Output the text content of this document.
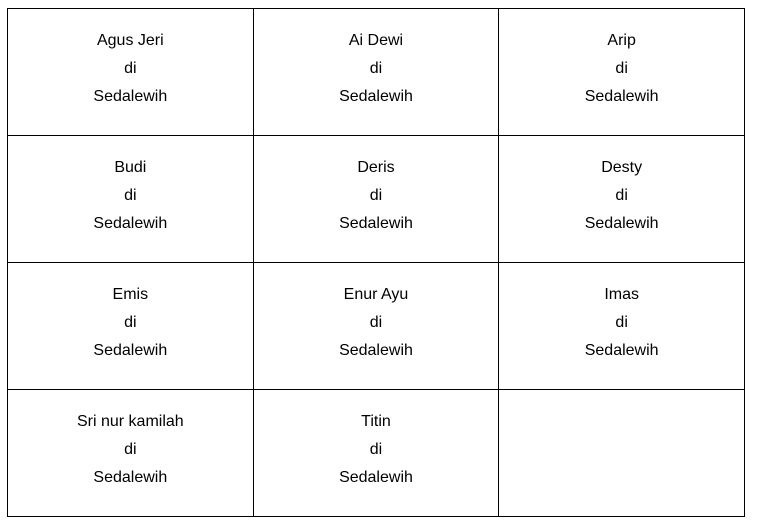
Agus Jeri
di
Sedalewih	Ai Dewi
di
Sedalewih	Arip
di
Sedalewih

Budi
di
Sedalewih	Deris
di
Sedalewih	Desty
di
Sedalewih

Emis
di
Sedalewih	Enur Ayu
di
Sedalewih	Imas
di
Sedalewih

Sri nur kamilah
di
Sedalewih	Titin
di
Sedalewih	
